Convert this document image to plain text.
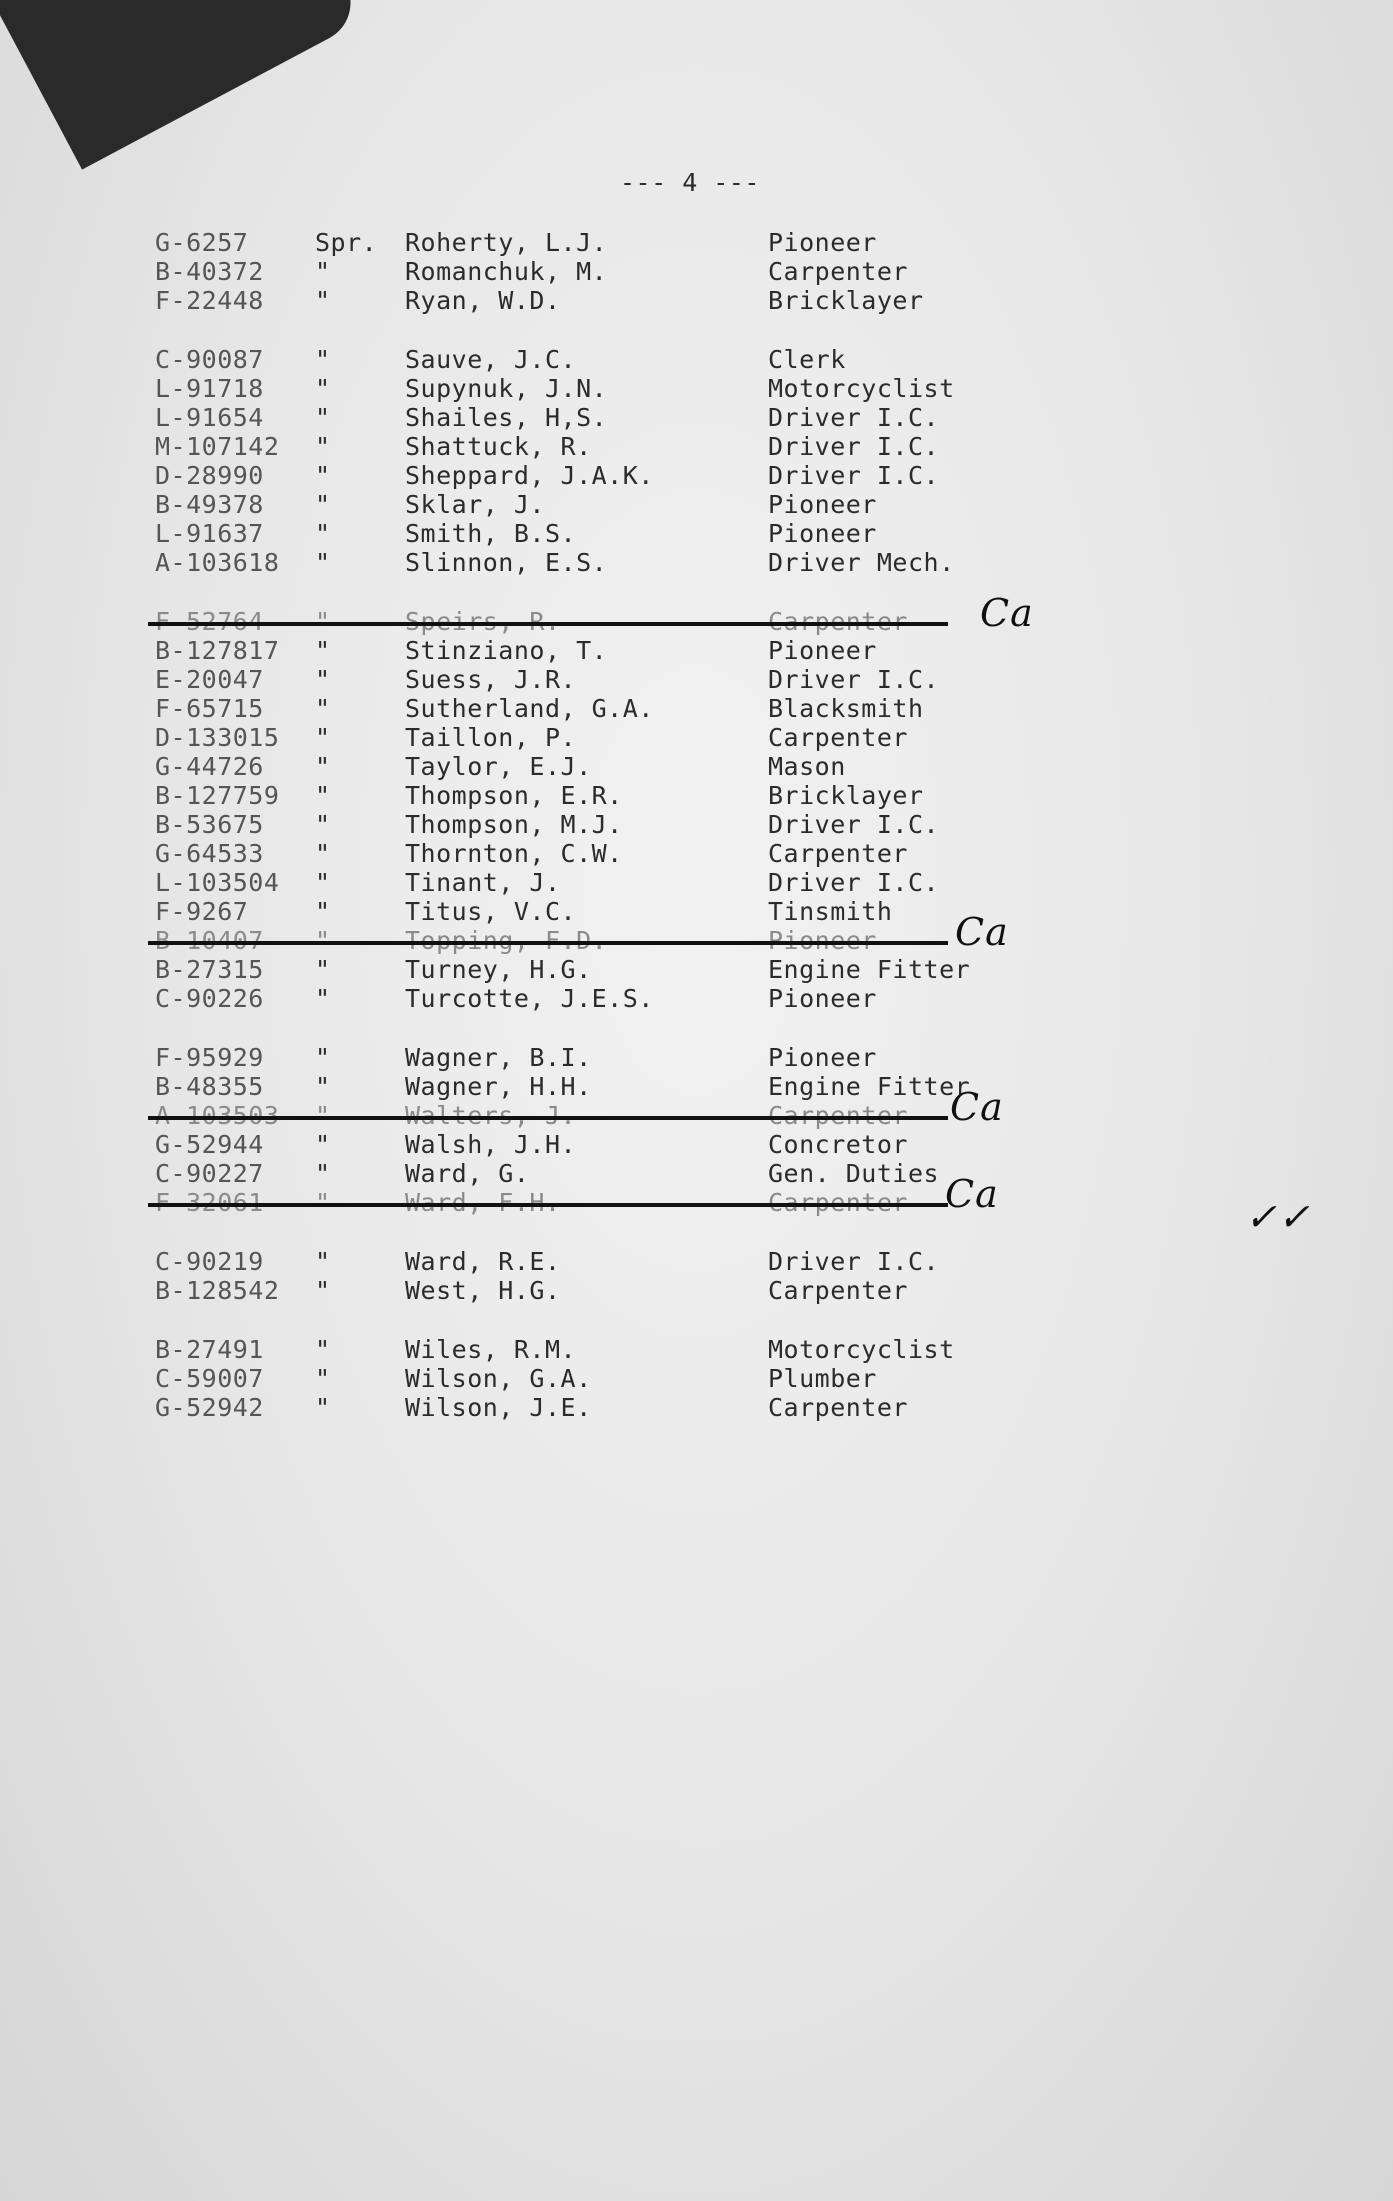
--- 4 ---
G-6257	Spr. Roherty, L.J.	Pioneer
B-40372 "	Romanchuk, M.	Carpenter
F-22448 "	Ryan, W.D.	Bricklayer
C-90087 "	Sauve, J.C.	Clerk
L-91718 "	Supynuk, J.N.	Motorcyclist
L-91654 "	Shailes, H,S.	Driver I.C.
M-107142 "	Shattuck, R.	Driver I.C.
D-28990 "	Sheppard, J.A.K.	Driver I.C.
B-49378 "	Sklar, J.	Pioneer
L-91637 "	Smith, B.S.	Pioneer
A-103618 "	Slinnon, E.S.	Driver Mech.
B-127817 "	Stinziano, T.	Pioneer
E-20047 "	Suess, J.R.	Driver I.C.
F-65715 "	Sutherland, G.A.	Blacksmith
D-133015 "	Taillon, P.	Carpenter
G-44726 "	Taylor, E.J.	Mason
B-127759 "	Thompson, E.R.	Bricklayer
B-53675 "	Thompson, M.J.	Driver I.C.
G-64533 "	Thornton, C.W.	Carpenter
L-103504 "	Tinant, J.	Driver I.C.
F-9267	"	Titus, V.C.	Tinsmith
B-27315 "	Turney, H.G.	Engine Fitter
C-90226 "	Turcotte, J.E.S.	Pioneer
F-95929 "	Wagner, B.I.	Pioneer
B-48355 "	Wagner, H.H.	Engine Fitter
G-52944 "	Walsh, J.H.	Concretor
C-90227 "	Ward, G.	Gen. Duties
C-90219 "	Ward, R.E.	Driver I.C.
B-128542 "	West, H.G.	Carpenter
B-27491 "	Wiles, R.M.	Motorcyclist
C-59007 "	Wilson, G.A.	Plumber
G-52942 "	Wilson, J.E.	Carpenter
✓✓
Ca
Ca
Ca
Ca
